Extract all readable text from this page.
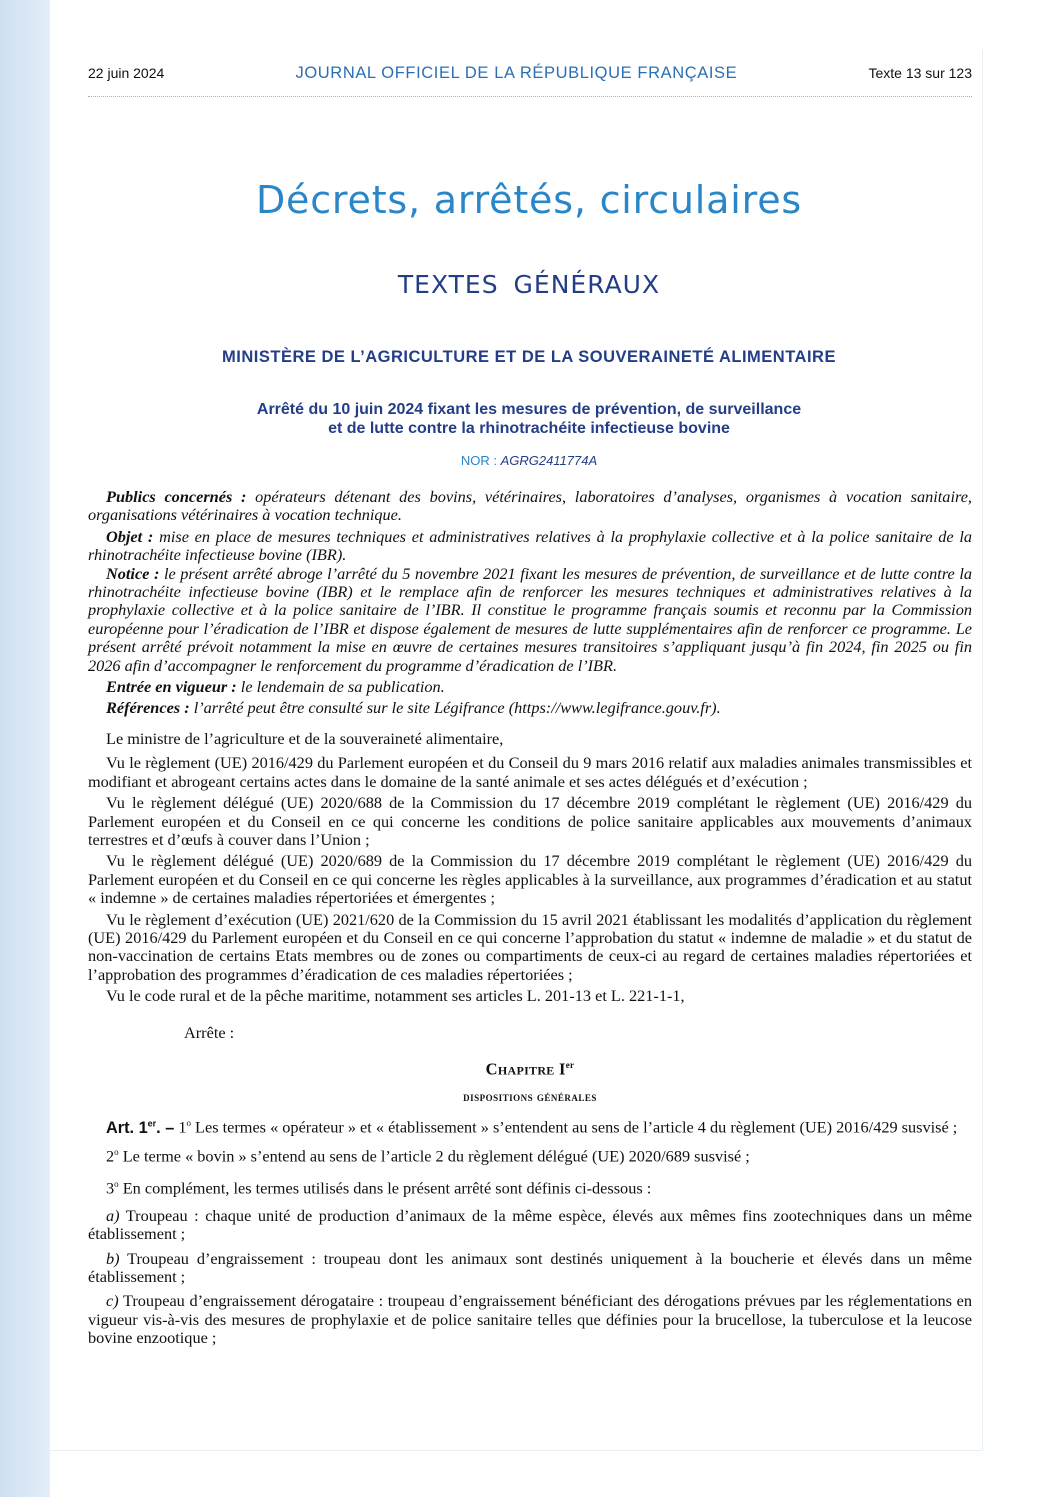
22 juin 2024	JOURNAL OFFICIEL DE LA RÉPUBLIQUE FRANÇAISE	Texte 13 sur 123
Décrets, arrêtés, circulaires
TEXTES GÉNÉRAUX
MINISTÈRE DE L’AGRICULTURE ET DE LA SOUVERAINETÉ ALIMENTAIRE
Arrêté du 10 juin 2024 fixant les mesures de prévention, de surveillance
et de lutte contre la rhinotrachéite infectieuse bovine
NOR : AGRG2411774A

Publics concernés : opérateurs détenant des bovins, vétérinaires, laboratoires d’analyses, organismes à vocation sanitaire, organisations vétérinaires à vocation technique.

Objet : mise en place de mesures techniques et administratives relatives à la prophylaxie collective et à la police sanitaire de la rhinotrachéite infectieuse bovine (IBR).

Notice : le présent arrêté abroge l’arrêté du 5 novembre 2021 fixant les mesures de prévention, de surveillance et de lutte contre la rhinotrachéite infectieuse bovine (IBR) et le remplace afin de renforcer les mesures techniques et administratives relatives à la prophylaxie collective et à la police sanitaire de l’IBR. Il constitue le programme français soumis et reconnu par la Commission européenne pour l’éradication de l’IBR et dispose également de mesures de lutte supplémentaires afin de renforcer ce programme. Le présent arrêté prévoit notamment la mise en œuvre de certaines mesures transitoires s’appliquant jusqu’à fin 2024, fin 2025 ou fin 2026 afin d’accompagner le renforcement du programme d’éradication de l’IBR.

Entrée en vigueur : le lendemain de sa publication.

Références : l’arrêté peut être consulté sur le site Légifrance (https://www.legifrance.gouv.fr).

Le ministre de l’agriculture et de la souveraineté alimentaire,

Vu le règlement (UE) 2016/429 du Parlement européen et du Conseil du 9 mars 2016 relatif aux maladies animales transmissibles et modifiant et abrogeant certains actes dans le domaine de la santé animale et ses actes délégués et d’exécution ;

Vu le règlement délégué (UE) 2020/688 de la Commission du 17 décembre 2019 complétant le règlement (UE) 2016/429 du Parlement européen et du Conseil en ce qui concerne les conditions de police sanitaire applicables aux mouvements d’animaux terrestres et d’œufs à couver dans l’Union ;

Vu le règlement délégué (UE) 2020/689 de la Commission du 17 décembre 2019 complétant le règlement (UE) 2016/429 du Parlement européen et du Conseil en ce qui concerne les règles applicables à la surveillance, aux programmes d’éradication et au statut « indemne » de certaines maladies répertoriées et émergentes ;

Vu le règlement d’exécution (UE) 2021/620 de la Commission du 15 avril 2021 établissant les modalités d’application du règlement (UE) 2016/429 du Parlement européen et du Conseil en ce qui concerne l’approbation du statut « indemne de maladie » et du statut de non-vaccination de certains Etats membres ou de zones ou compartiments de ceux-ci au regard de certaines maladies répertoriées et l’approbation des programmes d’éradication de ces maladies répertoriées ;

Vu le code rural et de la pêche maritime, notamment ses articles L. 201-13 et L. 221-1-1,

Arrête :

Chapitre Ier
dispositions générales

Art. 1er. – 1$^o$ Les termes « opérateur » et « établissement » s’entendent au sens de l’article 4 du règlement (UE) 2016/429 susvisé ;

2$^o$ Le terme « bovin » s’entend au sens de l’article 2 du règlement délégué (UE) 2020/689 susvisé ;

3$^o$ En complément, les termes utilisés dans le présent arrêté sont définis ci-dessous :

a) Troupeau : chaque unité de production d’animaux de la même espèce, élevés aux mêmes fins zootechniques dans un même établissement ;

b) Troupeau d’engraissement : troupeau dont les animaux sont destinés uniquement à la boucherie et élevés dans un même établissement ;

c) Troupeau d’engraissement dérogataire : troupeau d’engraissement bénéficiant des dérogations prévues par les réglementations en vigueur vis-à-vis des mesures de prophylaxie et de police sanitaire telles que définies pour la brucellose, la tuberculose et la leucose bovine enzootique ;
